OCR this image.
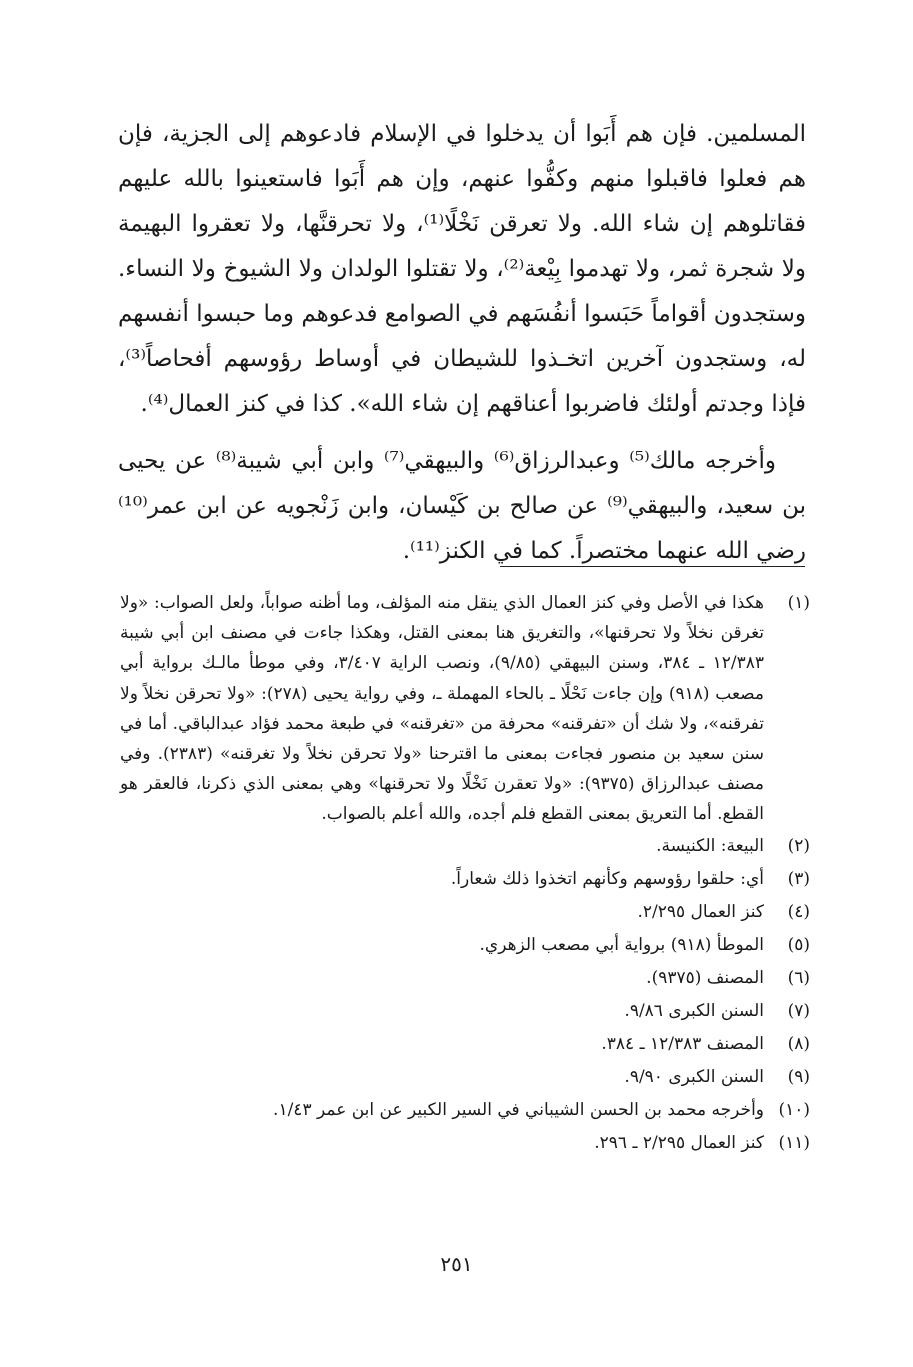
المسلمين. فإن هم أَبَوا أن يدخلوا في الإسلام فادعوهم إلى الجزية، فإن هم فعلوا فاقبلوا منهم وكفُّوا عنهم، وإن هم أَبَوا فاستعينوا بالله عليهم فقاتلوهم إن شاء الله. ولا تعرقن نَخْلًا⁽¹⁾، ولا تحرقنَّها، ولا تعقروا البهيمة ولا شجرة ثمر، ولا تهدموا بِيْعة⁽²⁾، ولا تقتلوا الولدان ولا الشيوخ ولا النساء. وستجدون أقواماً حَبَسوا أنفُسَهم في الصوامع فدعوهم وما حبسوا أنفسهم له، وستجدون آخرين اتخـذوا للشيطان في أوساط رؤوسهم أفحاصاً⁽³⁾، فإذا وجدتم أولئك فاضربوا أعناقهم إن شاء الله». كذا في كنز العمال⁽⁴⁾.

وأخرجه مالك⁽⁵⁾ وعبدالرزاق⁽⁶⁾ والبيهقي⁽⁷⁾ وابن أبي شيبة⁽⁸⁾ عن يحيى بن سعيد، والبيهقي⁽⁹⁾ عن صالح بن كَيْسان، وابن زَنْجويه عن ابن عمر⁽¹⁰⁾ رضي الله عنهما مختصراً. كما في الكنز⁽¹¹⁾.

(١)
هكذا في الأصل وفي كنز العمال الذي ينقل منه المؤلف، وما أظنه صواباً، ولعل الصواب: «ولا تغرقن نخلاً ولا تحرقنها»، والتغريق هنا بمعنى القتل، وهكذا جاءت في مصنف ابن أبي شيبة ١٢/٣٨٣ ـ ٣٨٤، وسنن البيهقي (٩/٨٥)، ونصب الراية ٣/٤٠٧، وفي موطأ مالـك برواية أبي مصعب (٩١٨) وإن جاءت نَحْلًا ـ بالحاء المهملة ـ، وفي رواية يحيى (٢٧٨): «ولا تحرقن نخلاً ولا تفرقنه»، ولا شك أن «تفرقنه» محرفة من «تغرقنه» في طبعة محمد فؤاد عبدالباقي. أما في سنن سعيد بن منصور فجاءت بمعنى ما اقترحنا «ولا تحرقن نخلاً ولا تغرقنه» (٢٣٨٣). وفي مصنف عبدالرزاق (٩٣٧٥): «ولا تعقرن نَخْلًا ولا تحرقنها» وهي بمعنى الذي ذكرنا، فالعقر هو القطع. أما التعريق بمعنى القطع فلم أجده، والله أعلم بالصواب.
(٢)
البيعة: الكنيسة.
(٣)
أي: حلقوا رؤوسهم وكأنهم اتخذوا ذلك شعاراً.
(٤)
كنز العمال ٢/٢٩٥.
(٥)
الموطأ (٩١٨) برواية أبي مصعب الزهري.
(٦)
المصنف (٩٣٧٥).
(٧)
السنن الكبرى ٩/٨٦.
(٨)
المصنف ١٢/٣٨٣ ـ ٣٨٤.
(٩)
السنن الكبرى ٩/٩٠.
(١٠)
وأخرجه محمد بن الحسن الشيباني في السير الكبير عن ابن عمر ١/٤٣.
(١١)
كنز العمال ٢/٢٩٥ ـ ٢٩٦.
٢٥١
